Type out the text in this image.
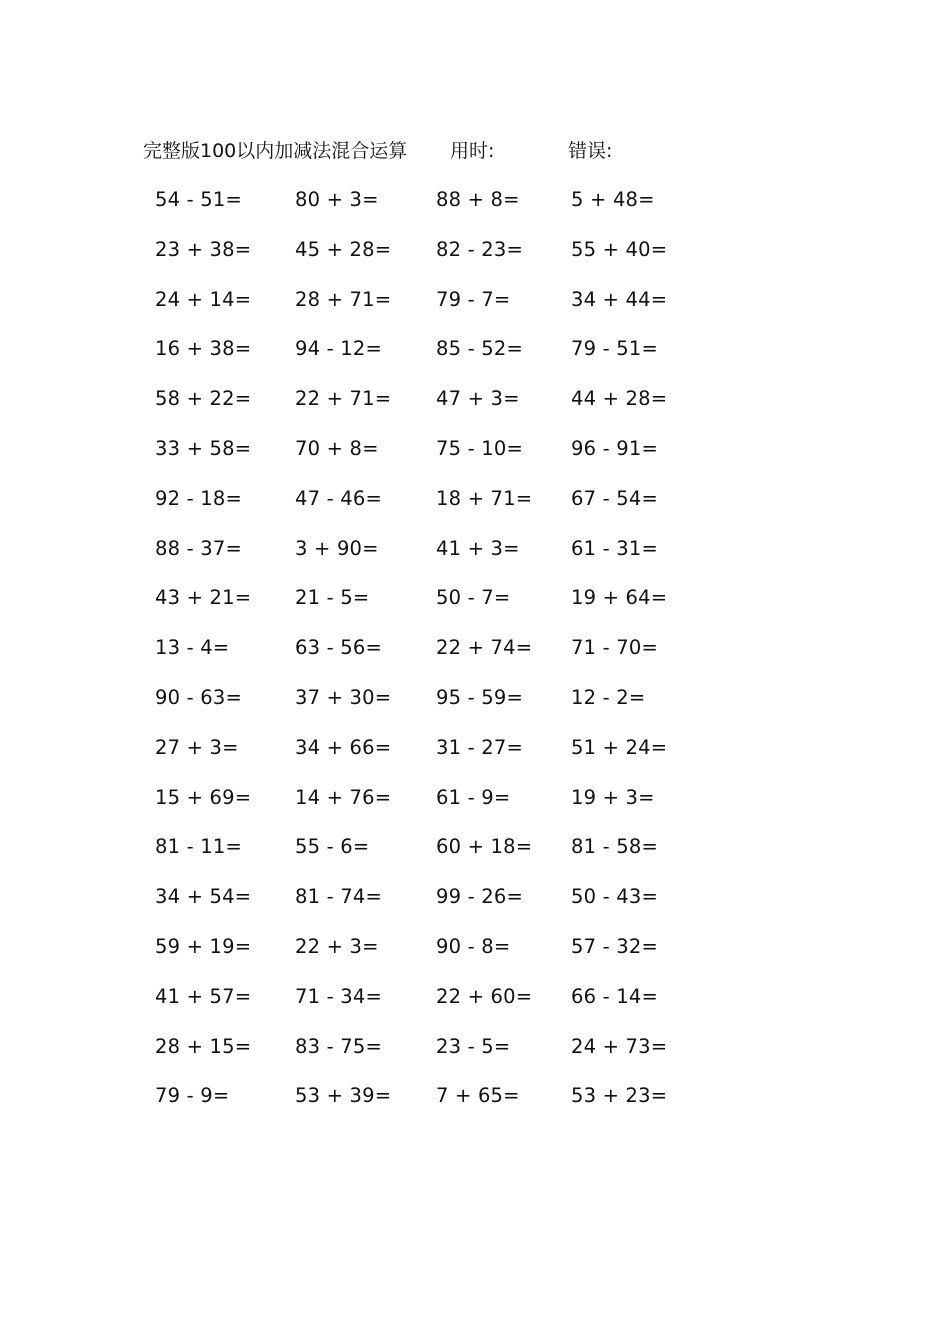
完整版100以内加减法混合运算 用时:	错误:
54 - 51=	80 + 3=	88 + 8=	5 + 48=
23 + 38= 45 + 28= 82 - 23= 55 + 40=
24 + 14= 28 + 71= 79 - 7=	34 + 44=
16 + 38= 94 - 12=	85 - 52= 79 - 51=
58 + 22= 22 + 71= 47 + 3=	44 + 28=
33 + 58= 70 + 8=	75 - 10= 96 - 91=
92 - 18=	47 - 46=	18 + 71= 67 - 54=
88 - 37=	3 + 90=	41 + 3=	61 - 31=
43 + 21= 21 - 5=	50 - 7=	19 + 64=
13 - 4=	63 - 56=	22 + 74= 71 - 70=
90 - 63=	37 + 30= 95 - 59= 12 - 2=
27 + 3=	34 + 66= 31 - 27= 51 + 24=
15 + 69= 14 + 76= 61 - 9=	19 + 3=
81 - 11=	55 - 6=	60 + 18= 81 - 58=
34 + 54= 81 - 74=	99 - 26= 50 - 43=
59 + 19= 22 + 3=	90 - 8=	57 - 32=
41 + 57= 71 - 34=	22 + 60= 66 - 14=
28 + 15= 83 - 75=	23 - 5=	24 + 73=
79 - 9=	53 + 39= 7 + 65=	53 + 23=
